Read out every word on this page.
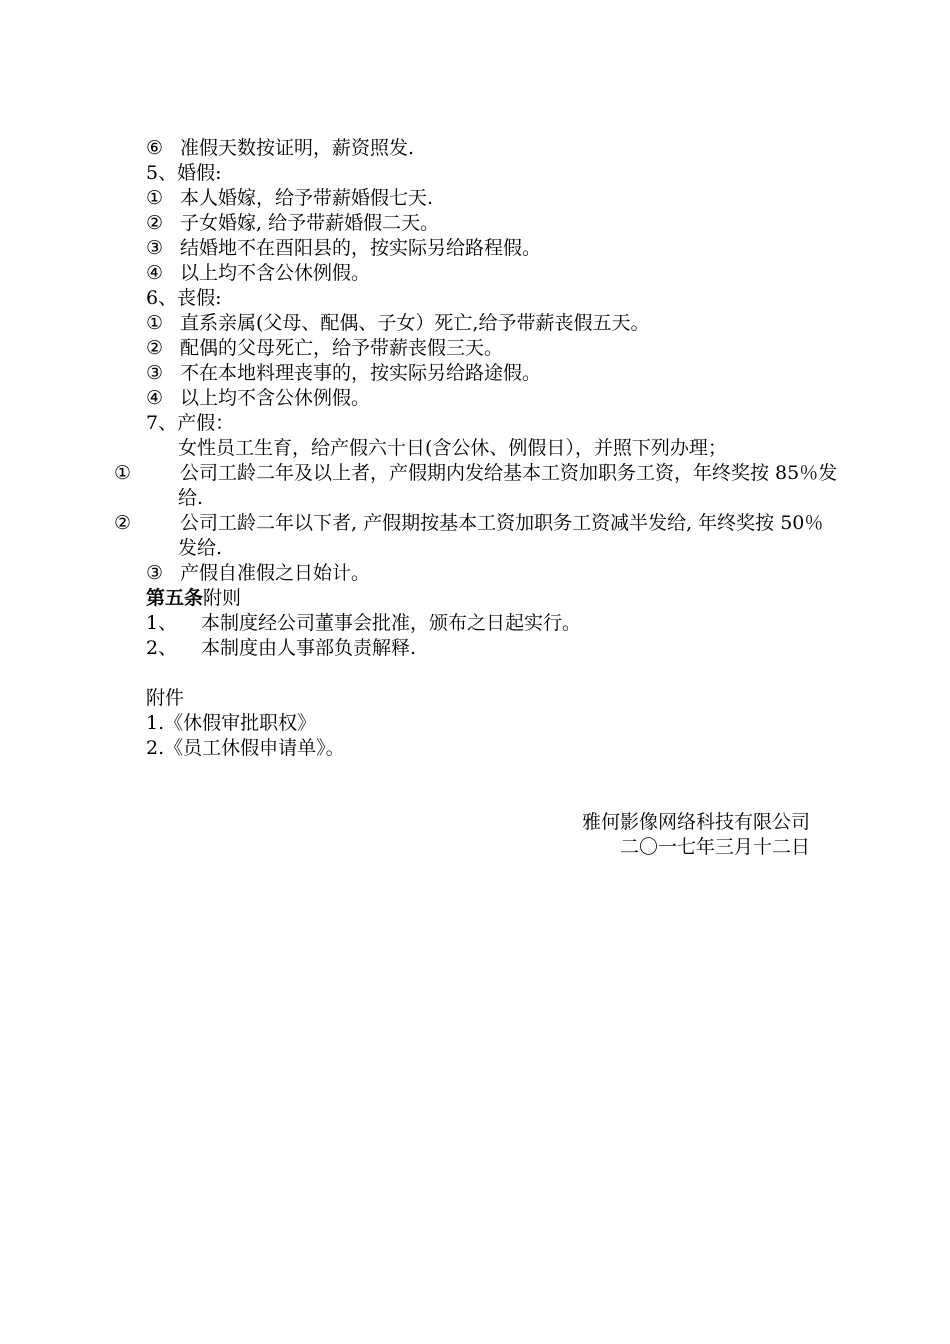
⑥ 准假天数按证明，薪资照发.
5、婚假:
① 本人婚嫁，给予带薪婚假七天.
② 子女婚嫁, 给予带薪婚假二天。
③ 结婚地不在酉阳县的，按实际另给路程假。
④ 以上均不含公休例假。
6、丧假:
① 直系亲属(父母、配偶、子女）死亡,给予带薪丧假五天。
② 配偶的父母死亡，给予带薪丧假三天。
③ 不在本地料理丧事的，按实际另给路途假。
④ 以上均不含公休例假。
7、产假：
女性员工生育，给产假六十日(含公休、例假日），并照下列办理；
①	公司工龄二年及以上者，产假期内发给基本工资加职务工资，年终奖按 85％发给.
②	公司工龄二年以下者, 产假期按基本工资加职务工资减半发给, 年终奖按 50％发给.
③ 产假自准假之日始计。
第五条附则
1、 本制度经公司董事会批准，颁布之日起实行。
2、 本制度由人事部负责解释.
附件
1.《休假审批职权》
2.《员工休假申请单》。
雅何影像网络科技有限公司
二〇一七年三月十二日
